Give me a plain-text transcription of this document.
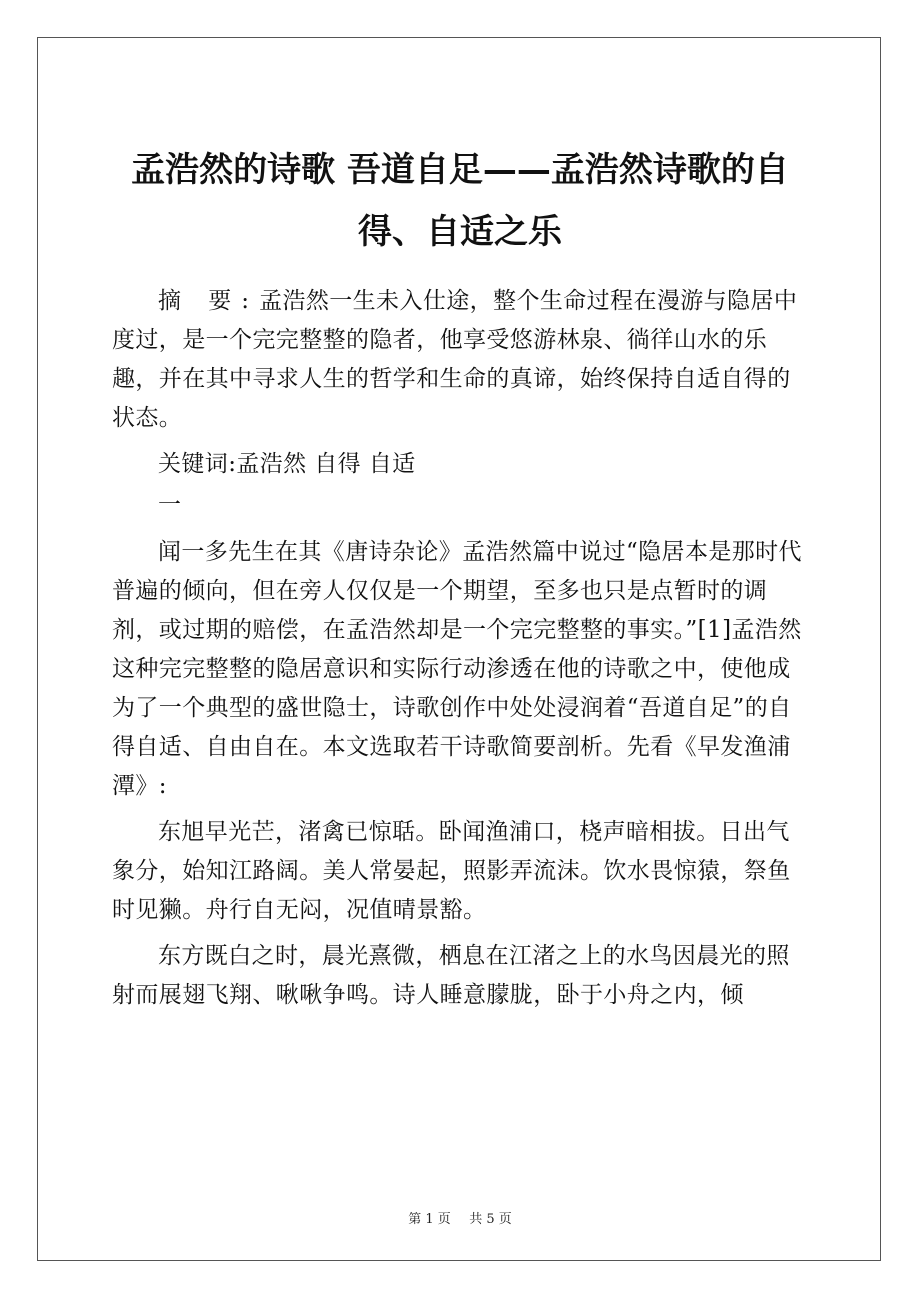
孟浩然的诗歌 吾道自足——孟浩然诗歌的自
得、自适之乐

摘 要:孟浩然一生未入仕途，整个生命过程在漫游与隐居中度过，是一个完完整整的隐者，他享受悠游林泉、徜徉山水的乐趣，并在其中寻求人生的哲学和生命的真谛，始终保持自适自得的状态。

关键词:孟浩然 自得 自适

一

闻一多先生在其《唐诗杂论》孟浩然篇中说过“隐居本是那时代普遍的倾向，但在旁人仅仅是一个期望，至多也只是点暂时的调剂，或过期的赔偿，在孟浩然却是一个完完整整的事实。”[1]孟浩然这种完完整整的隐居意识和实际行动渗透在他的诗歌之中，使他成为了一个典型的盛世隐士，诗歌创作中处处浸润着“吾道自足”的自得自适、自由自在。本文选取若干诗歌简要剖析。先看《早发渔浦潭》:

东旭早光芒，渚禽已惊聒。卧闻渔浦口，桡声暗相拔。日出气象分，始知江路阔。美人常晏起，照影弄流沫。饮水畏惊猿，祭鱼时见獭。舟行自无闷，况值晴景豁。

东方既白之时，晨光熹微，栖息在江渚之上的水鸟因晨光的照射而展翅飞翔、啾啾争鸣。诗人睡意朦胧，卧于小舟之内，倾

第 1 页 共 5 页
